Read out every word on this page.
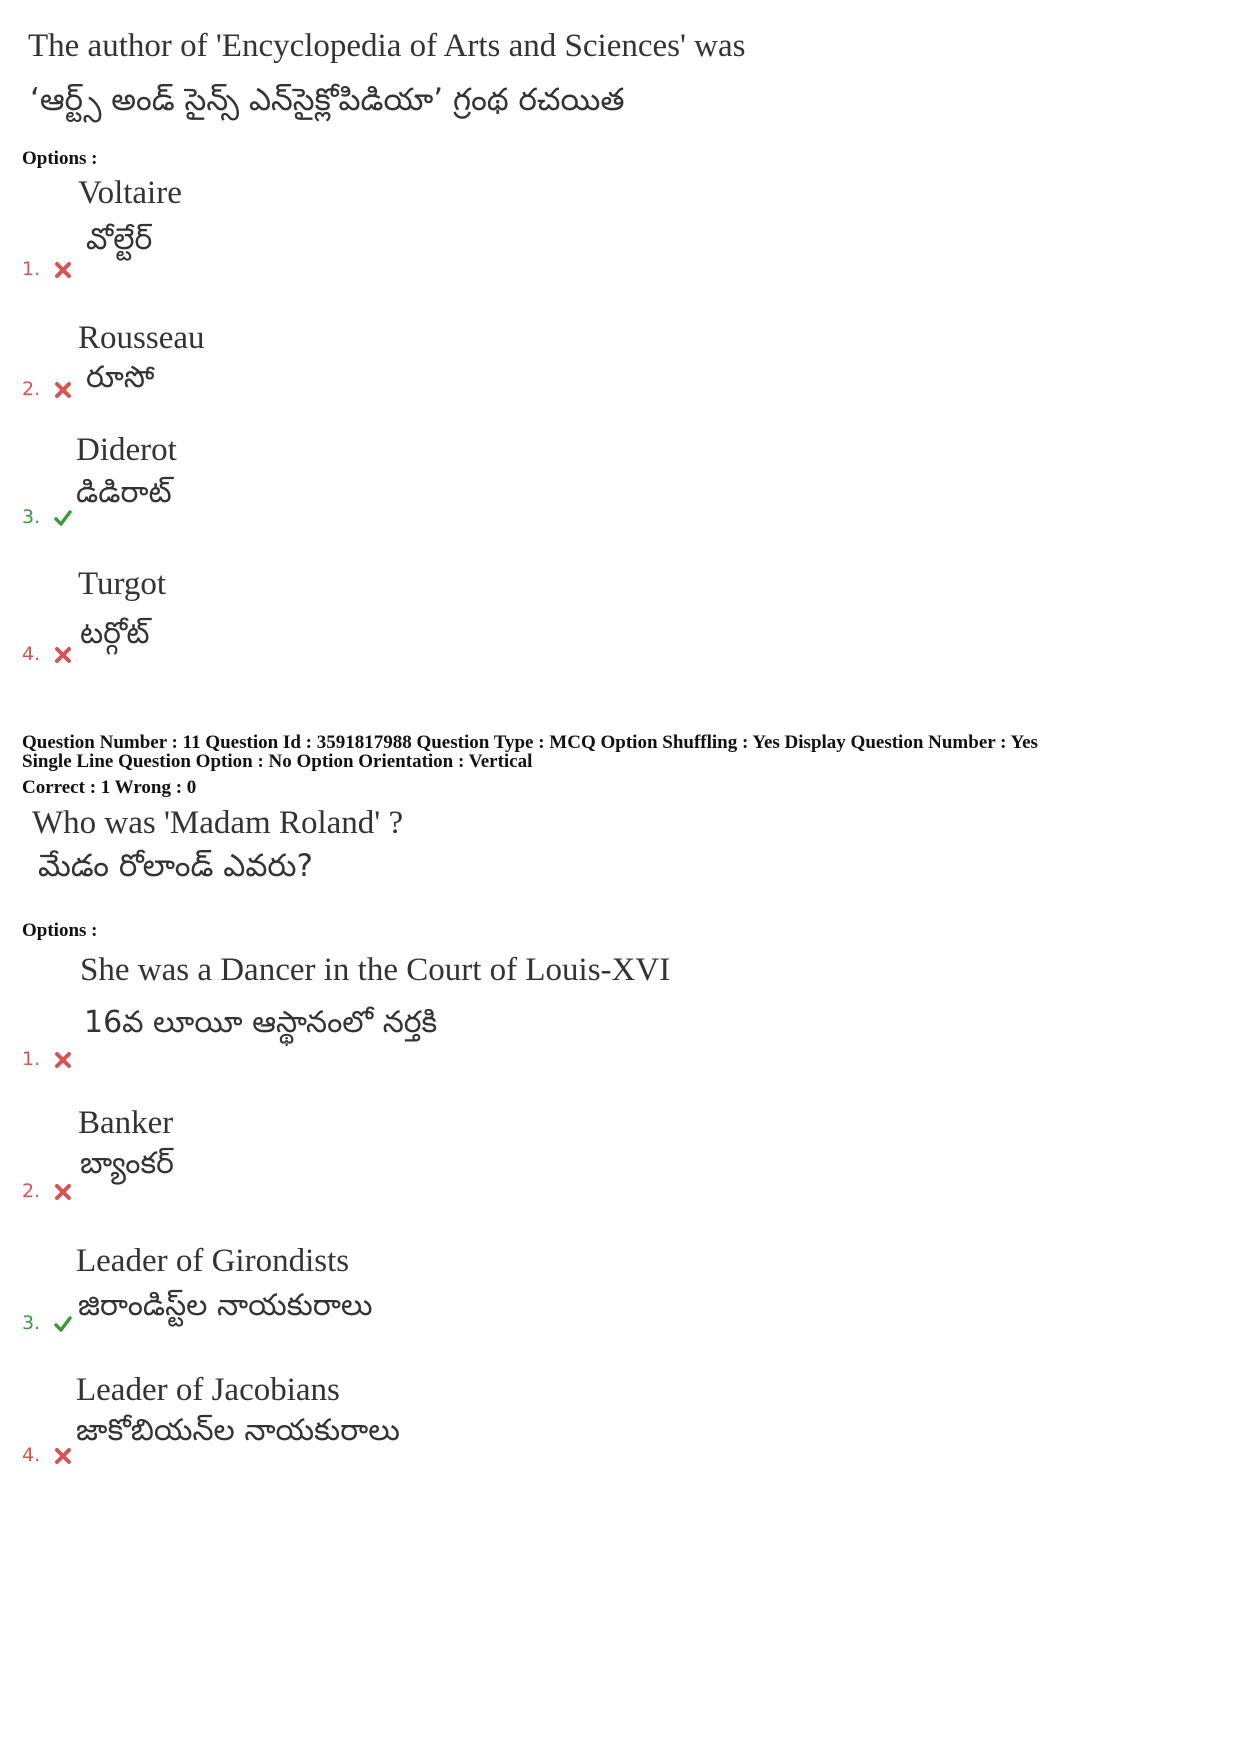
The author of 'Encyclopedia of Arts and Sciences' was
‘ఆర్ట్స్ అండ్ సైన్స్ ఎన్‌సైక్లోపిడియా’ గ్రంథ రచయిత
Options :
Voltaire
వోల్టేర్
1.
Rousseau
రూసో
2.
Diderot
డిడిరాట్
3.
Turgot
టర్గోట్
4.
Question Number : 11 Question Id : 3591817988 Question Type : MCQ Option Shuffling : Yes Display Question Number : Yes
Single Line Question Option : No Option Orientation : Vertical
Correct : 1 Wrong : 0
Who was 'Madam Roland' ?
మేడం రోలాండ్ ఎవరు?
Options :
She was a Dancer in the Court of Louis-XVI
16వ లూయీ ఆస్థానంలో నర్తకి
1.
Banker
బ్యాంకర్
2.
Leader of Girondists
జిరాండిస్ట్‌ల నాయకురాలు
3.
Leader of Jacobians
జాకోబియన్‌ల నాయకురాలు
4.
